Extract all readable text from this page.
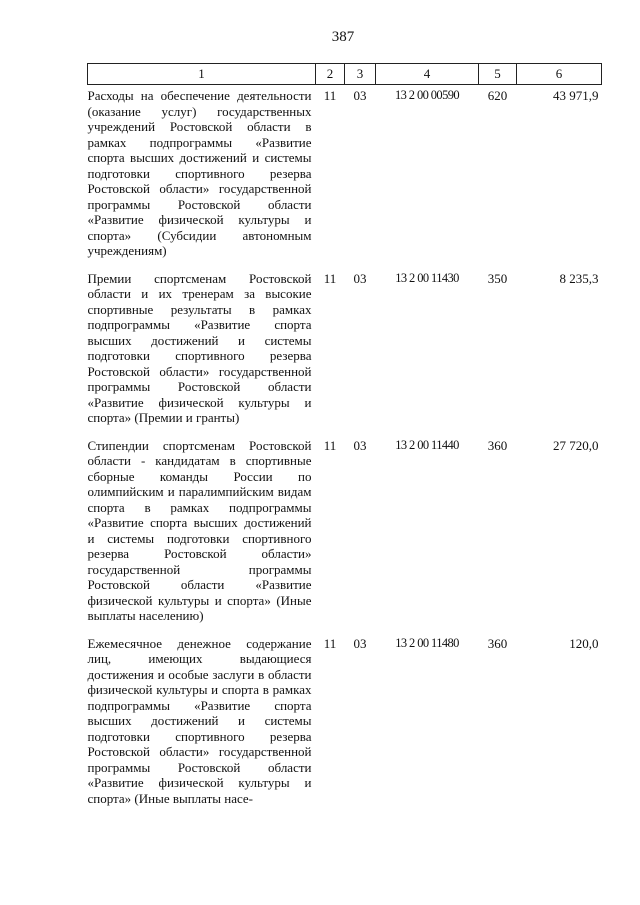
387
1	2	3	4	5	6
Расходы на обеспечение деятельности (оказание услуг) государственных учреждений Ростовской области в рамках подпрограммы «Развитие спорта высших достижений и системы подготовки спортивного резерва Ростовской области» государственной программы Ростовской области «Развитие физической культуры и спорта» (Субсидии автономным учреждениям)	11	03	13 2 00 00590	620	43 971,9
Премии спортсменам Ростовской области и их тренерам за высокие спортивные результаты в рамках подпрограммы «Развитие спорта высших достижений и системы подготовки спортивного резерва Ростовской области» государственной программы Ростовской области «Развитие физической культуры и спорта» (Премии и гранты)	11	03	13 2 00 11430	350	8 235,3
Стипендии спортсменам Ростовской области - кандидатам в спортивные сборные команды России по олимпийским и паралимпийским видам спорта в рамках подпрограммы «Развитие спорта высших достижений и системы подготовки спортивного резерва Ростовской области» государственной программы Ростовской области «Развитие физической культуры и спорта» (Иные выплаты населению)	11	03	13 2 00 11440	360	27 720,0
Ежемесячное денежное содержание лиц, имеющих выдающиеся достижения и особые заслуги в области физической культуры и спорта в рамках подпрограммы «Развитие спорта высших достижений и системы подготовки спортивного резерва Ростовской области» государственной программы Ростовской области «Развитие физической культуры и спорта» (Иные выплаты насе-	11	03	13 2 00 11480	360	120,0
